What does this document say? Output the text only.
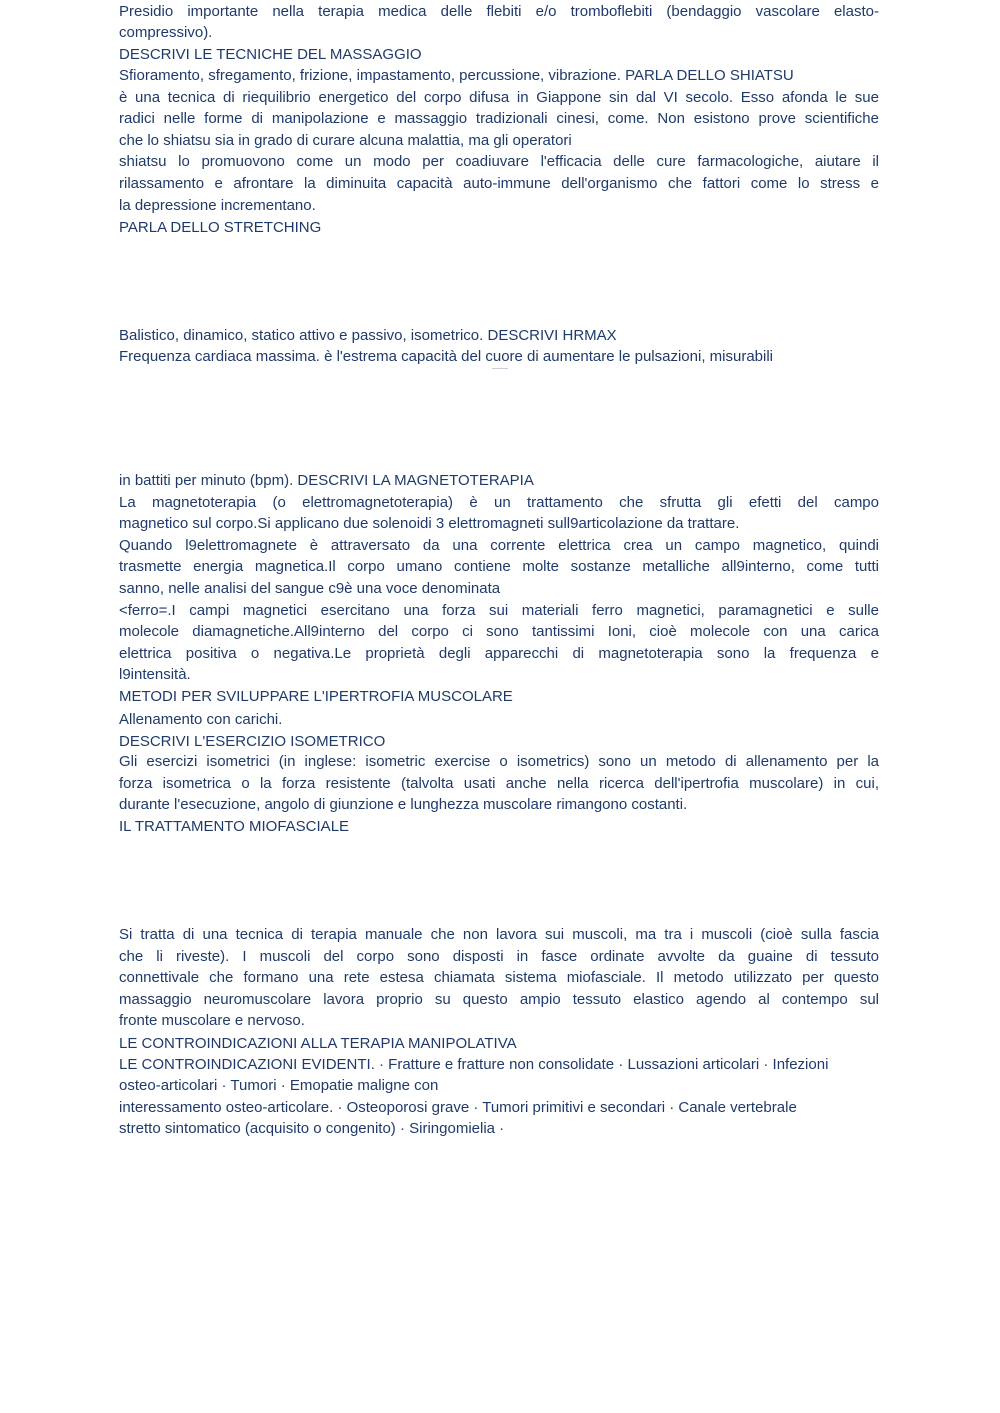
Presidio importante nella terapia medica delle flebiti e/o tromboflebiti (bendaggio vascolare elasto-

compressivo).

DESCRIVI LE TECNICHE DEL MASSAGGIO

Sfioramento, sfregamento, frizione, impastamento, percussione, vibrazione. PARLA DELLO SHIATSU

è una tecnica di riequilibrio energetico del corpo difusa in Giappone sin dal VI secolo. Esso afonda le sue

radici nelle forme di manipolazione e massaggio tradizionali cinesi, come. Non esistono prove scientifiche

che lo shiatsu sia in grado di curare alcuna malattia, ma gli operatori

shiatsu lo promuovono come un modo per coadiuvare l'efficacia delle cure farmacologiche, aiutare il

rilassamento e afrontare la diminuita capacità auto-immune dell'organismo che fattori come lo stress e

la depressione incrementano.

PARLA DELLO STRETCHING

Balistico, dinamico, statico attivo e passivo, isometrico. DESCRIVI HRMAX

Frequenza cardiaca massima. è l'estrema capacità del cuore di aumentare le pulsazioni, misurabili

in battiti per minuto (bpm). DESCRIVI LA MAGNETOTERAPIA

La magnetoterapia (o elettromagnetoterapia) è un trattamento che sfrutta gli efetti del campo

magnetico sul corpo.Si applicano due solenoidi 3 elettromagneti sull9articolazione da trattare.

Quando l9elettromagnete è attraversato da una corrente elettrica crea un campo magnetico, quindi

trasmette energia magnetica.Il corpo umano contiene molte sostanze metalliche all9interno, come tutti

sanno, nelle analisi del sangue c9è una voce denominata

<ferro=.I campi magnetici esercitano una forza sui materiali ferro magnetici, paramagnetici e sulle

molecole diamagnetiche.All9interno del corpo ci sono tantissimi Ioni, cioè molecole con una carica

elettrica positiva o negativa.Le proprietà degli apparecchi di magnetoterapia sono la frequenza e

l9intensità.

METODI PER SVILUPPARE L'IPERTROFIA MUSCOLARE

Allenamento con carichi.

DESCRIVI L'ESERCIZIO ISOMETRICO

Gli esercizi isometrici (in inglese: isometric exercise o isometrics) sono un metodo di allenamento per la

forza isometrica o la forza resistente (talvolta usati anche nella ricerca dell'ipertrofia muscolare) in cui,

durante l'esecuzione, angolo di giunzione e lunghezza muscolare rimangono costanti.

IL TRATTAMENTO MIOFASCIALE

Si tratta di una tecnica di terapia manuale che non lavora sui muscoli, ma tra i muscoli (cioè sulla fascia

che li riveste). I muscoli del corpo sono disposti in fasce ordinate avvolte da guaine di tessuto

connettivale che formano una rete estesa chiamata sistema miofasciale. Il metodo utilizzato per questo

massaggio neuromuscolare lavora proprio su questo ampio tessuto elastico agendo al contempo sul

fronte muscolare e nervoso.

LE CONTROINDICAZIONI ALLA TERAPIA MANIPOLATIVA

LE CONTROINDICAZIONI EVIDENTI. · Fratture e fratture non consolidate · Lussazioni articolari · Infezioni

osteo-articolari · Tumori · Emopatie maligne con

interessamento osteo-articolare. · Osteoporosi grave · Tumori primitivi e secondari · Canale vertebrale

stretto sintomatico (acquisito o congenito) · Siringomielia ·
